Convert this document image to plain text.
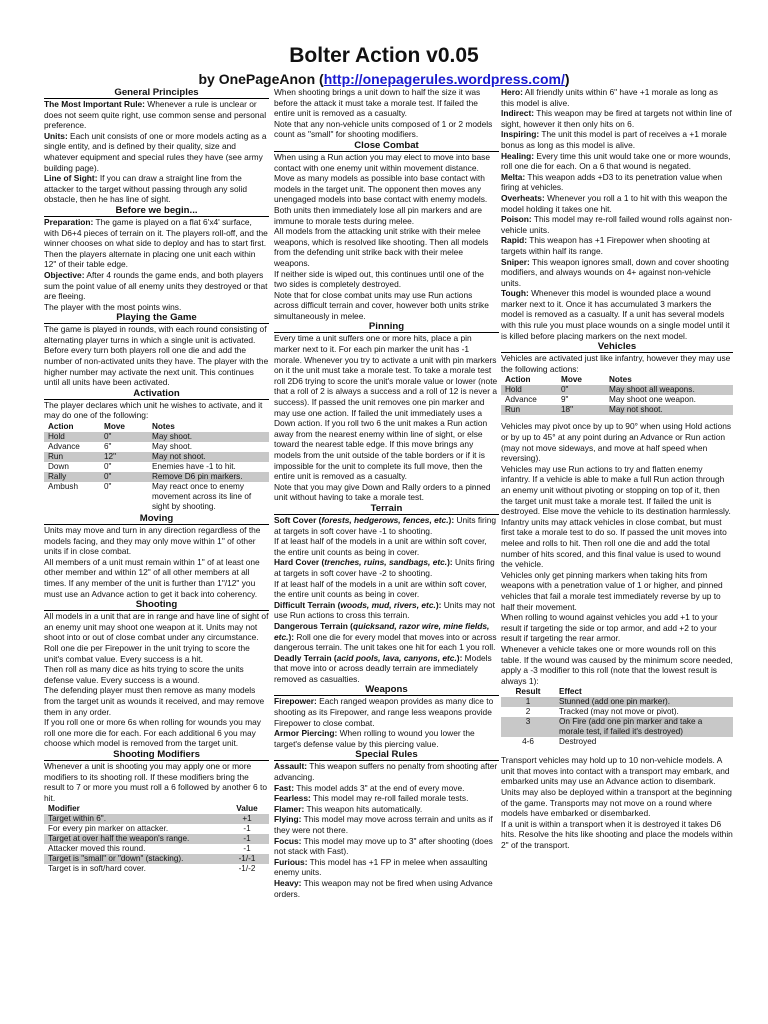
Bolter Action v0.05
by OnePageAnon (http://onepagerules.wordpress.com/)
General Principles

The Most Important Rule: Whenever a rule is unclear or does not seem quite right, use common sense and personal preference.

Units: Each unit consists of one or more models acting as a single entity, and is defined by their quality, size and whatever equipment and special rules they have (see army building page).

Line of Sight: If you can draw a straight line from the attacker to the target without passing through any solid obstacle, then he has line of sight.

Before we begin...

Preparation: The game is played on a flat 6'x4' surface, with D6+4 pieces of terrain on it. The players roll-off, and the winner chooses on what side to deploy and has to start first. Then the players alternate in placing one unit each within 12" of their table edge.

Objective: After 4 rounds the game ends, and both players sum the point value of all enemy units they destroyed or that are fleeing.

The player with the most points wins.

Playing the Game

The game is played in rounds, with each round consisting of alternating player turns in which a single unit is activated. Before every turn both players roll one die and add the number of non-activated units they have. The player with the higher number may activate the next unit. This continues until all units have been activated.

Activation

The player declares which unit he wishes to activate, and it may do one of the following:

Action	Move	Notes
Hold	0"	May shoot.
Advance	6"	May shoot.
Run	12"	May not shoot.
Down	0"	Enemies have -1 to hit.
Rally	0"	Remove D6 pin markers.
Ambush	0"	May react once to enemy movement across its line of sight by shooting.
Moving

Units may move and turn in any direction regardless of the models facing, and they may only move within 1" of other units if in close combat.

All members of a unit must remain within 1" of at least one other member and within 12" of all other members at all times. If any member of the unit is further than 1"/12" you must use an Advance action to get it back into coherency.

Shooting

All models in a unit that are in range and have line of sight of an enemy unit may shoot one weapon at it. Units may not shoot into or out of close combat under any circumstance.

Roll one die per Firepower in the unit trying to score the unit's combat value. Every success is a hit.

Then roll as many dice as hits trying to score the units defense value. Every success is a wound.

The defending player must then remove as many models from the target unit as wounds it received, and may remove them in any order.

If you roll one or more 6s when rolling for wounds you may roll one more die for each. For each additional 6 you may choose which model is removed from the target unit.

Shooting Modifiers

Whenever a unit is shooting you may apply one or more modifiers to its shooting roll. If these modifiers bring the result to 7 or more you must roll a 6 followed by another 6 to hit.

Modifier	Value
Target within 6".	+1
For every pin marker on attacker.	-1
Target at over half the weapon's range.	-1
Attacker moved this round.	-1
Target is "small" or "down" (stacking).	-1/-1
Target is in soft/hard cover.	-1/-2

When shooting brings a unit down to half the size it was before the attack it must take a morale test. If failed the entire unit is removed as a casualty.

Note that any non-vehicle units composed of 1 or 2 models count as "small" for shooting modifiers.

Close Combat

When using a Run action you may elect to move into base contact with one enemy unit within movement distance. Move as many models as possible into base contact with models in the target unit. The opponent then moves any unengaged models into base contact with enemy models.

Both units then immediately lose all pin markers and are immune to morale tests during melee.

All models from the attacking unit strike with their melee weapons, which is resolved like shooting. Then all models from the defending unit strike back with their melee weapons.

If neither side is wiped out, this continues until one of the two sides is completely destroyed.

Note that for close combat units may use Run actions across difficult terrain and cover, however both units strike simultaneously in melee.

Pinning

Every time a unit suffers one or more hits, place a pin marker next to it. For each pin marker the unit has -1 morale. Whenever you try to activate a unit with pin markers on it the unit must take a morale test. To take a morale test roll 2D6 trying to score the unit's morale value or lower (note that a roll of 2 is always a success and a roll of 12 is never a success). If passed the unit removes one pin marker and may use one action. If failed the unit immediately uses a Down action. If you roll two 6 the unit makes a Run action away from the nearest enemy within line of sight, or else toward the nearest table edge. If this move brings any models from the unit outside of the table borders or if it is impossible for the unit to complete its full move, then the entire unit is removed as a casualty.

Note that you may give Down and Rally orders to a pinned unit without having to take a morale test.

Terrain

Soft Cover (forests, hedgerows, fences, etc.): Units firing at targets in soft cover have -1 to shooting.

If at least half of the models in a unit are within soft cover, the entire unit counts as being in cover.

Hard Cover (trenches, ruins, sandbags, etc.): Units firing at targets in soft cover have -2 to shooting.

If at least half of the models in a unit are within soft cover, the entire unit counts as being in cover.

Difficult Terrain (woods, mud, rivers, etc.): Units may not use Run actions to cross this terrain.

Dangerous Terrain (quicksand, razor wire, mine fields, etc.): Roll one die for every model that moves into or across dangerous terrain. The unit takes one hit for each 1 you roll.

Deadly Terrain (acid pools, lava, canyons, etc.): Models that move into or across deadly terrain are immediately removed as casualties.

Weapons

Firepower: Each ranged weapon provides as many dice to shooting as its Firepower, and range less weapons provide Firepower to close combat.

Armor Piercing: When rolling to wound you lower the target's defense value by this piercing value.

Special Rules

Assault: This weapon suffers no penalty from shooting after advancing.

Fast: This model adds 3" at the end of every move.

Fearless: This model may re-roll failed morale tests.

Flamer: This weapon hits automatically.

Flying: This model may move across terrain and units as if they were not there.

Focus: This model may move up to 3" after shooting (does not stack with Fast).

Furious: This model has +1 FP in melee when assaulting enemy units.

Heavy: This weapon may not be fired when using Advance orders.

Hero: All friendly units within 6" have +1 morale as long as this model is alive.

Indirect: This weapon may be fired at targets not within line of sight, however it then only hits on 6.

Inspiring: The unit this model is part of receives a +1 morale bonus as long as this model is alive.

Healing: Every time this unit would take one or more wounds, roll one die for each. On a 6 that wound is negated.

Melta: This weapon adds +D3 to its penetration value when firing at vehicles.

Overheats: Whenever you roll a 1 to hit with this weapon the model holding it takes one hit.

Poison: This model may re-roll failed wound rolls against non-vehicle units.

Rapid: This weapon has +1 Firepower when shooting at targets within half its range.

Sniper: This weapon ignores small, down and cover shooting modifiers, and always wounds on 4+ against non-vehicle units.

Tough: Whenever this model is wounded place a wound marker next to it. Once it has accumulated 3 markers the model is removed as a casualty. If a unit has several models with this rule you must place wounds on a single model until it is killed before placing markers on the next model.

Vehicles

Vehicles are activated just like infantry, however they may use the following actions:

Action	Move	Notes
Hold	0"	May shoot all weapons.
Advance	9"	May shoot one weapon.
Run	18"	May not shoot.

Vehicles may pivot once by up to 90° when using Hold actions or by up to 45° at any point during an Advance or Run action (may not move sideways, and move at half speed when reversing).

Vehicles may use Run actions to try and flatten enemy infantry. If a vehicle is able to make a full Run action through an enemy unit without pivoting or stopping on top of it, then the target unit must take a morale test. If failed the unit is destroyed. Else move the vehicle to its destination harmlessly.

Infantry units may attack vehicles in close combat, but must first take a morale test to do so. If passed the unit moves into melee and rolls to hit. Then roll one die and add the total number of hits scored, and this final value is used to wound the vehicle.

Vehicles only get pinning markers when taking hits from weapons with a penetration value of 1 or higher, and pinned vehicles that fail a morale test immediately reverse by up to half their movement.

When rolling to wound against vehicles you add +1 to your result if targeting the side or top armor, and add +2 to your result if targeting the rear armor.

Whenever a vehicle takes one or more wounds roll on this table. If the wound was caused by the minimum score needed, apply a -3 modifier to this roll (note that the lowest result is always 1):

Result	Effect
1	Stunned (add one pin marker).
2	Tracked (may not move or pivot).
3	On Fire (add one pin marker and take a morale test, if failed it's destroyed)
4-6	Destroyed

Transport vehicles may hold up to 10 non-vehicle models. A unit that moves into contact with a transport may embark, and embarked units may use an Advance action to disembark. Units may also be deployed within a transport at the beginning of the game. Transports may not move on a round where models have embarked or disembarked.

If a unit is within a transport when it is destroyed it takes D6 hits. Resolve the hits like shooting and place the models within 2" of the transport.
